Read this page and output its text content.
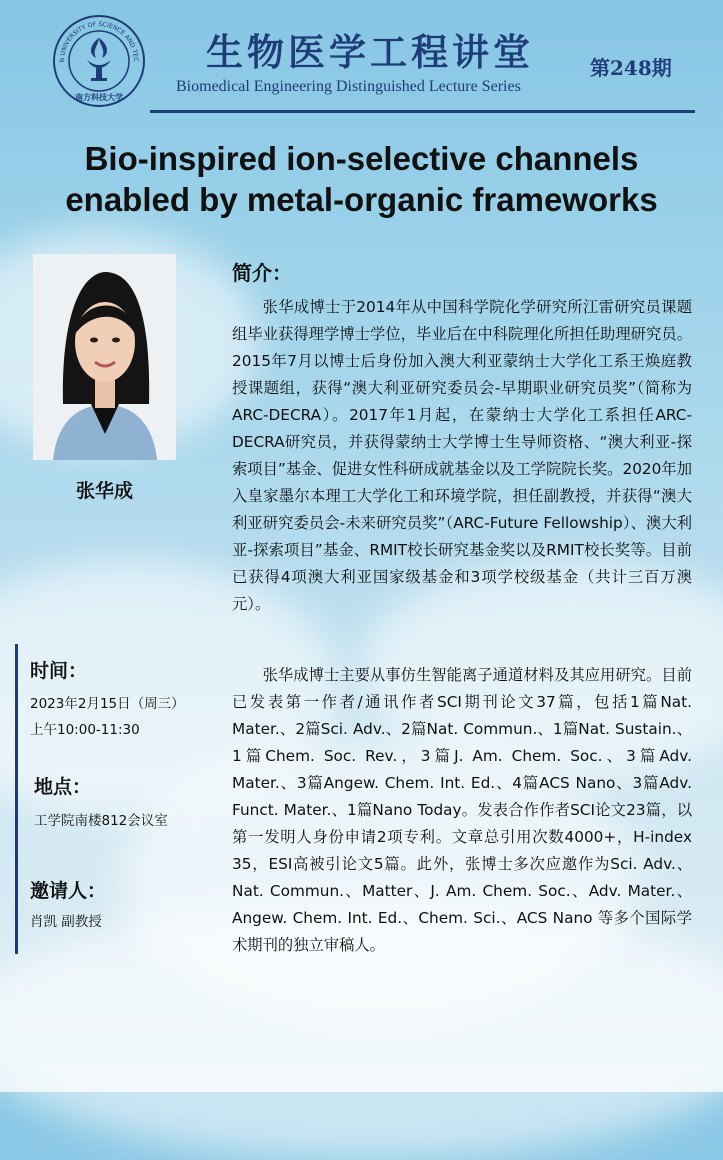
N UNIVERSITY OF SCIENCE AND TEC
南方科技大学
生物医学工程讲堂
Biomedical Engineering Distinguished Lecture Series
第248期
Bio-inspired ion-selective channels
enabled by metal-organic frameworks
张华成
简介：

张华成博士于2014年从中国科学院化学研究所江雷研究员课题组毕业获得理学博士学位，毕业后在中科院理化所担任助理研究员。2015年7月以博士后身份加入澳大利亚蒙纳士大学化工系王焕庭教授课题组，获得“澳大利亚研究委员会-早期职业研究员奖”（简称为ARC-DECRA）。2017年1月起，在蒙纳士大学化工系担任ARC-DECRA研究员，并获得蒙纳士大学博士生导师资格、“澳大利亚-探索项目”基金、促进女性科研成就基金以及工学院院长奖。2020年加入皇家墨尔本理工大学化工和环境学院，担任副教授，并获得“澳大利亚研究委员会-未来研究员奖”（ARC-Future Fellowship）、澳大利亚-探索项目”基金、RMIT校长研究基金奖以及RMIT校长奖等。目前已获得4项澳大利亚国家级基金和3项学校级基金（共计三百万澳元）。

张华成博士主要从事仿生智能离子通道材料及其应用研究。目前已发表第一作者/通讯作者SCI期刊论文37篇，包括1篇Nat. Mater.、2篇Sci. Adv.、2篇Nat. Commun.、1篇Nat. Sustain.、1篇Chem. Soc. Rev.，3篇J. Am. Chem. Soc.、3篇Adv. Mater.、3篇Angew. Chem. Int. Ed.、4篇ACS Nano、3篇Adv. Funct. Mater.、1篇Nano Today。发表合作作者SCI论文23篇，以第一发明人身份申请2项专利。文章总引用次数4000+，H-index 35，ESI高被引论文5篇。此外，张博士多次应邀作为Sci. Adv.、Nat. Commun.、Matter、J. Am. Chem. Soc.、Adv. Mater.、Angew. Chem. Int. Ed.、Chem. Sci.、ACS Nano 等多个国际学术期刊的独立审稿人。

时间：
2023年2月15日（周三）
上午10:00-11:30
地点：
工学院南楼812会议室
邀请人：
肖凯 副教授
